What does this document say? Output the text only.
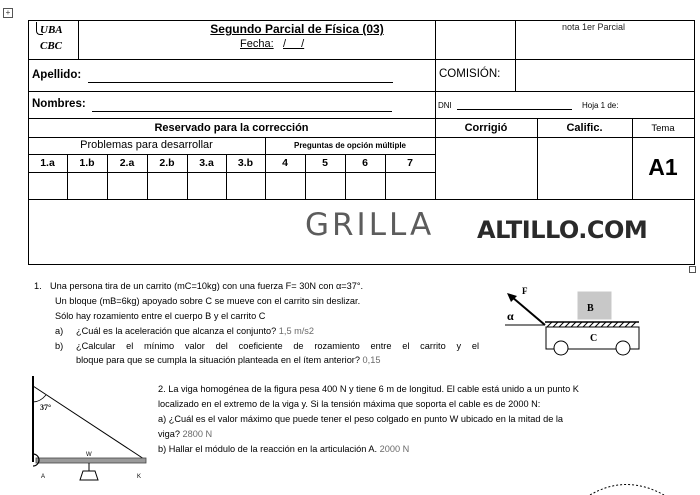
+
UBA
CBC
Segundo Parcial de Física (03)
Fecha: / /
nota 1er Parcial
Apellido:	COMISIÓN:
Nombres:	DNI	Hoja 1 de:
Reservado para la corrección	Corrigió	Calific.	Tema
Problemas para desarrollar	Preguntas de opción múltiple
1.a	1.b	2.a	2.b	3.a	3.b	4	5	6	7	A1
GRILLA ALTILLO.COM
1. Una persona tira de un carrito (mC=10kg) con una fuerza F= 30N con α=37°.
Un bloque (mB=6kg) apoyado sobre C se mueve con el carrito sin deslizar.
Sólo hay rozamiento entre el cuerpo B y el carrito C
a) ¿Cuál es la aceleración que alcanza el conjunto? 1,5 m/s2
b) ¿Calcular el mínimo valor del coeficiente de rozamiento entre el carrito y el
bloque para que se cumpla la situación planteada en el ítem anterior? 0,15
F
α
B
C
37°
W
A	K
2. La viga homogénea de la figura pesa 400 N y tiene 6 m de longitud. El cable está unido a un punto K
localizado en el extremo de la viga y. Si la tensión máxima que soporta el cable es de 2000 N:
a) ¿Cuál es el valor máximo que puede tener el peso colgado en punto W ubicado en la mitad de la
viga? 2800 N
b) Hallar el módulo de la reacción en la articulación A. 2000 N
